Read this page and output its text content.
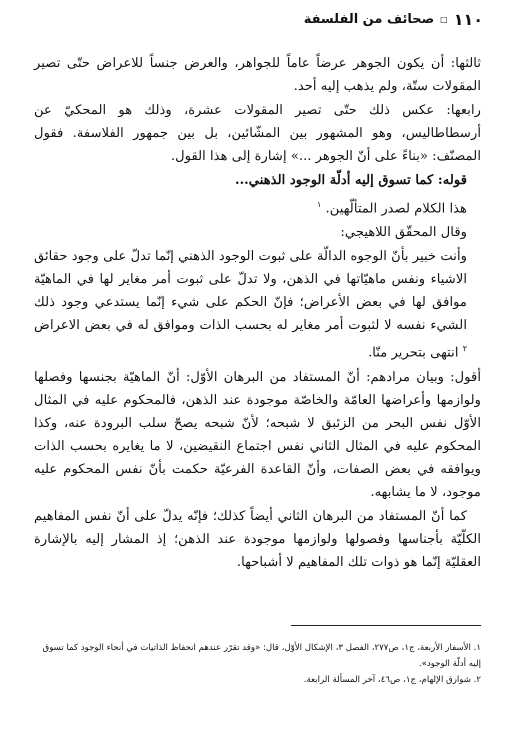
١١٠
□
صحائف من الفلسفة

ثالثها: أن يكون الجوهر عرضاً عاماً للجواهر، والعرض جنساً للاعراض حتّى تصير المقولات ستّة، ولم يذهب إليه أحد.

رابعها: عكس ذلك حتّى تصير المقولات عشرة، وذلك هو المحكيّ عن أرسطاطاليس، وهو المشهور بين المشّائين، بل بين جمهور الفلاسفة. فقول المصنّف: «بناءً على أنّ الجوهر ...» إشارة إلى هذا القول.

قوله: كما تسوق إليه أدلّة الوجود الذهني...

هذا الكلام لصدر المتألّهين. $^١$

وقال المحقّق اللاهيجي:

وأنت خبير بأنّ الوجوه الدالّة على ثبوت الوجود الذهني إنّما تدلّ على وجود حقائق الاشياء ونفس ماهيّاتها في الذهن، ولا تدلّ على ثبوت أمر مغاير لها في الماهيّة موافق لها في بعض الأعراض؛ فإنّ الحكم على شيء إنّما يستدعي وجود ذلك الشيء نفسه لا لثبوت أمر مغاير له بحسب الذات وموافق له في بعض الاعراض $^٢$ انتهى بتحرير منّا.

أقول: وبيان مرادهم: أنّ المستفاد من البرهان الأوّل: أنّ الماهيّة بجنسها وفصلها ولوازمها وأعراضها العامّة والخاصّة موجودة عند الذهن، فالمحكوم عليه في المثال الأوّل نفس البحر من الزئبق لا شبحه؛ لأنّ شبحه يصحّ سلب البرودة عنه، وكذا المحكوم عليه في المثال الثاني نفس اجتماع النقيضين، لا ما يغايره بحسب الذات ويوافقه في بعض الصفات، وأنّ القاعدة الفرعيّة حكمت بأنّ نفس المحكوم عليه موجود، لا ما يشابهه.

كما أنّ المستفاد من البرهان الثاني أيضاً كذلك؛ فإنّه يدلّ على أنّ نفس المفاهيم الكلّيّة بأجناسها وفصولها ولوازمها موجودة عند الذهن؛ إذ المشار إليه بالإشارة العقليّة إنّما هو ذوات تلك المفاهيم لا أشباحها.

١. الأسفار الأربعة، ج١، ص٢٧٧، الفصل ٣، الإشكال الأوّل، قال: «وقد تقرّر عندهم انحفاظ الذاتيات في أنحاء الوجود كما تسوق إليه أدلّة الوجود».

٢. شوارق الإلهام، ج١، ص٤٦، آخر المسألة الرابعة.
